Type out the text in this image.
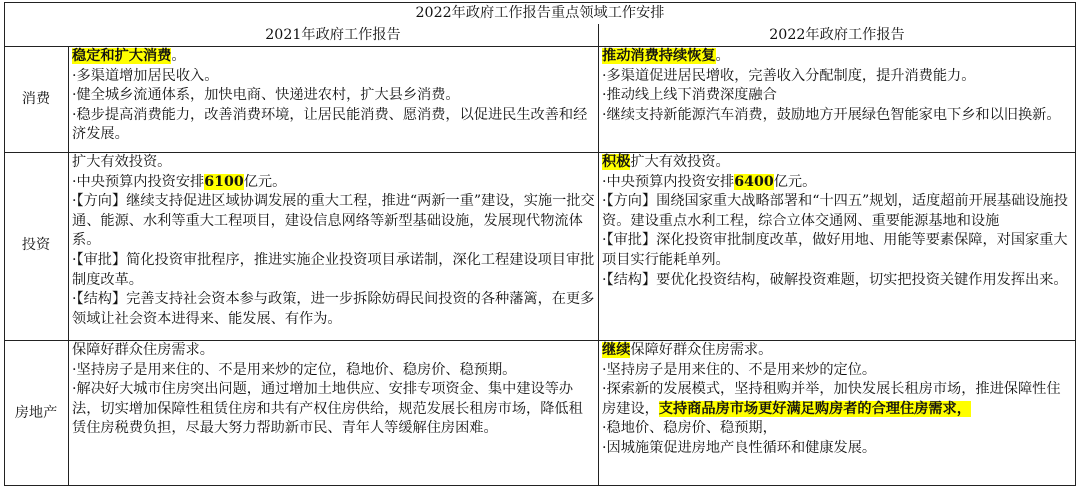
2022年政府工作报告重点领域工作安排
2021年政府工作报告	2022年政府工作报告
消费

稳定和扩大消费。

·多渠道增加居民收入。

·健全城乡流通体系，加快电商、快递进农村，扩大县乡消费。

·稳步提高消费能力，改善消费环境，让居民能消费、愿消费，以促进民生改善和经济发展。

推动消费持续恢复。

·多渠道促进居民增收，完善收入分配制度，提升消费能力。

·推动线上线下消费深度融合

·继续支持新能源汽车消费，鼓励地方开展绿色智能家电下乡和以旧换新。

投资

扩大有效投资。

·中央预算内投资安排6100亿元。

·【方向】继续支持促进区域协调发展的重大工程，推进“两新一重”建设，实施一批交通、能源、水利等重大工程项目，建设信息网络等新型基础设施，发展现代物流体系。

·【审批】简化投资审批程序，推进实施企业投资项目承诺制，深化工程建设项目审批制度改革。

·【结构】完善支持社会资本参与政策，进一步拆除妨碍民间投资的各种藩篱，在更多领域让社会资本进得来、能发展、有作为。

积极扩大有效投资。

·中央预算内投资安排6400亿元。

·【方向】围绕国家重大战略部署和“十四五”规划，适度超前开展基础设施投资。建设重点水利工程，综合立体交通网、重要能源基地和设施

·【审批】深化投资审批制度改革，做好用地、用能等要素保障，对国家重大项目实行能耗单列。

·【结构】要优化投资结构，破解投资难题，切实把投资关键作用发挥出来。

房地产

保障好群众住房需求。

·坚持房子是用来住的、不是用来炒的定位，稳地价、稳房价、稳预期。

·解决好大城市住房突出问题，通过增加土地供应、安排专项资金、集中建设等办法，切实增加保障性租赁住房和共有产权住房供给，规范发展长租房市场，降低租赁住房税费负担，尽最大努力帮助新市民、青年人等缓解住房困难。

继续保障好群众住房需求。

·坚持房子是用来住的、不是用来炒的定位。

·探索新的发展模式，坚持租购并举，加快发展长租房市场，推进保障性住房建设，支持商品房市场更好满足购房者的合理住房需求，

·稳地价、稳房价、稳预期，

·因城施策促进房地产良性循环和健康发展。
